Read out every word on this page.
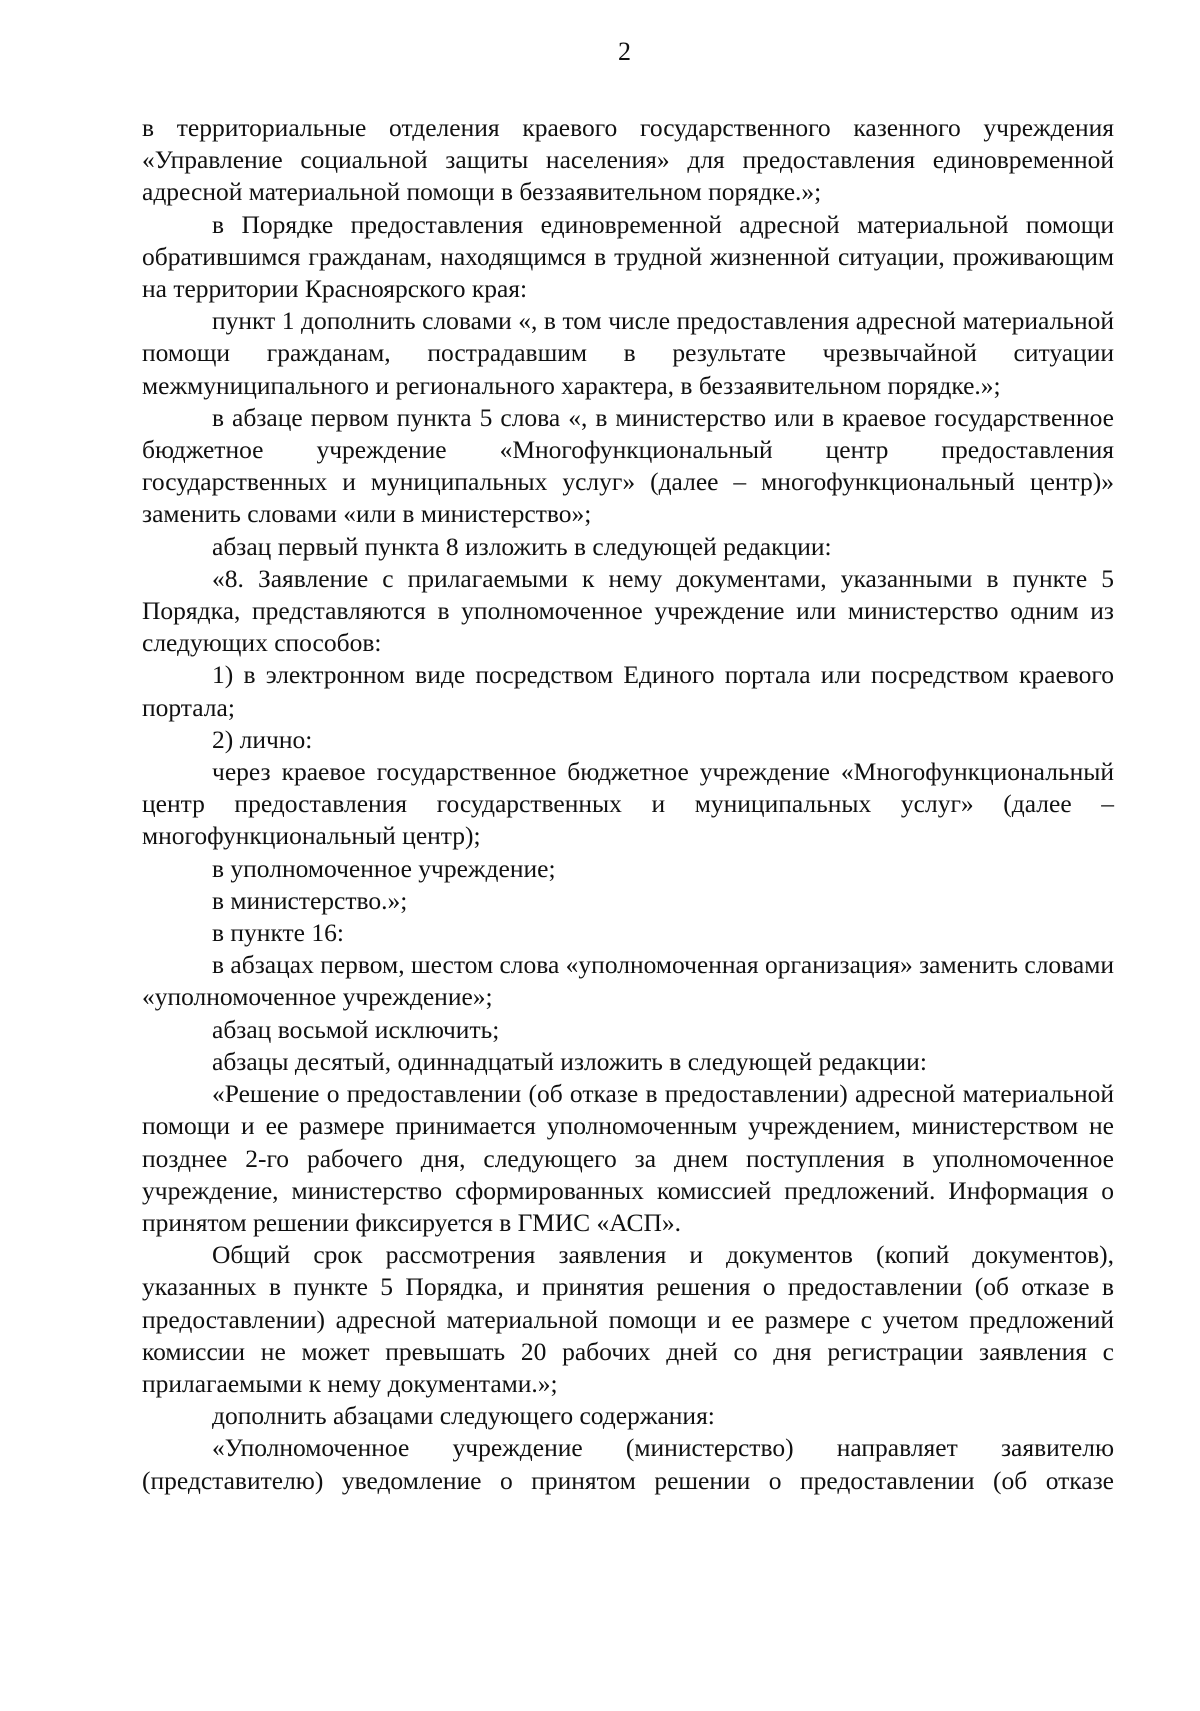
2

в территориальные отделения краевого государственного казенного учреждения «Управление социальной защиты населения» для предоставления единовременной адресной материальной помощи в беззаявительном порядке.»;

в Порядке предоставления единовременной адресной материальной помощи обратившимся гражданам, находящимся в трудной жизненной ситуации, проживающим на территории Красноярского края:

пункт 1 дополнить словами «, в том числе предоставления адресной материальной помощи гражданам, пострадавшим в результате чрезвычайной ситуации межмуниципального и регионального характера, в беззаявительном порядке.»;

в абзаце первом пункта 5 слова «, в министерство или в краевое государственное бюджетное учреждение «Многофункциональный центр предоставления государственных и муниципальных услуг» (далее – многофункциональный центр)» заменить словами «или в министерство»;

абзац первый пункта 8 изложить в следующей редакции:

«8. Заявление с прилагаемыми к нему документами, указанными в пункте 5 Порядка, представляются в уполномоченное учреждение или министерство одним из следующих способов:

1) в электронном виде посредством Единого портала или посредством краевого портала;

2) лично:

через краевое государственное бюджетное учреждение «Многофункциональный центр предоставления государственных и муниципальных услуг» (далее – многофункциональный центр);

в уполномоченное учреждение;

в министерство.»;

в пункте 16:

в абзацах первом, шестом слова «уполномоченная организация» заменить словами «уполномоченное учреждение»;

абзац восьмой исключить;

абзацы десятый, одиннадцатый изложить в следующей редакции:

«Решение о предоставлении (об отказе в предоставлении) адресной материальной помощи и ее размере принимается уполномоченным учреждением, министерством не позднее 2-го рабочего дня, следующего за днем поступления в уполномоченное учреждение, министерство сформированных комиссией предложений. Информация о принятом решении фиксируется в ГМИС «АСП».

Общий срок рассмотрения заявления и документов (копий документов), указанных в пункте 5 Порядка, и принятия решения о предоставлении (об отказе в предоставлении) адресной материальной помощи и ее размере с учетом предложений комиссии не может превышать 20 рабочих дней со дня регистрации заявления с прилагаемыми к нему документами.»;

дополнить абзацами следующего содержания:

«Уполномоченное учреждение (министерство) направляет заявителю (представителю) уведомление о принятом решении о предоставлении (об отказе
